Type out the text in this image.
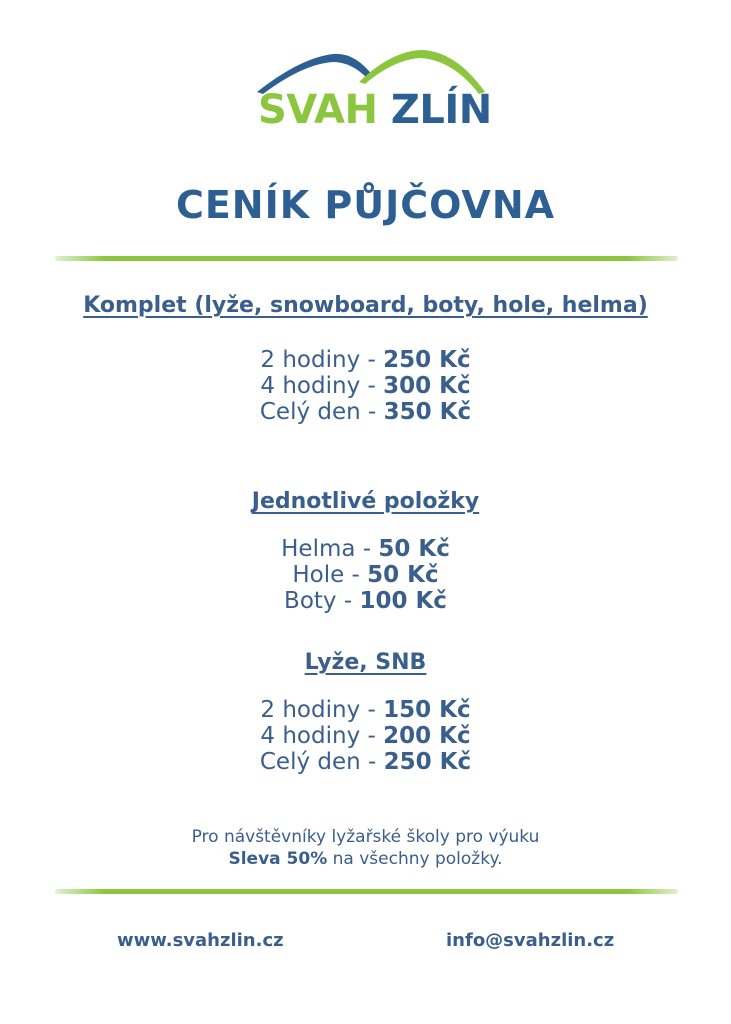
SVAH ZLÍN
CENÍK PŮJČOVNA
Komplet (lyže, snowboard, boty, hole, helma)
2 hodiny - 250 Kč
4 hodiny - 300 Kč
Celý den - 350 Kč
Jednotlivé položky
Helma - 50 Kč
Hole - 50 Kč
Boty - 100 Kč
Lyže, SNB
2 hodiny - 150 Kč
4 hodiny - 200 Kč
Celý den - 250 Kč
Pro návštěvníky lyžařské školy pro výuku
Sleva 50% na všechny položky.
www.svahzlin.cz	info@svahzlin.cz
